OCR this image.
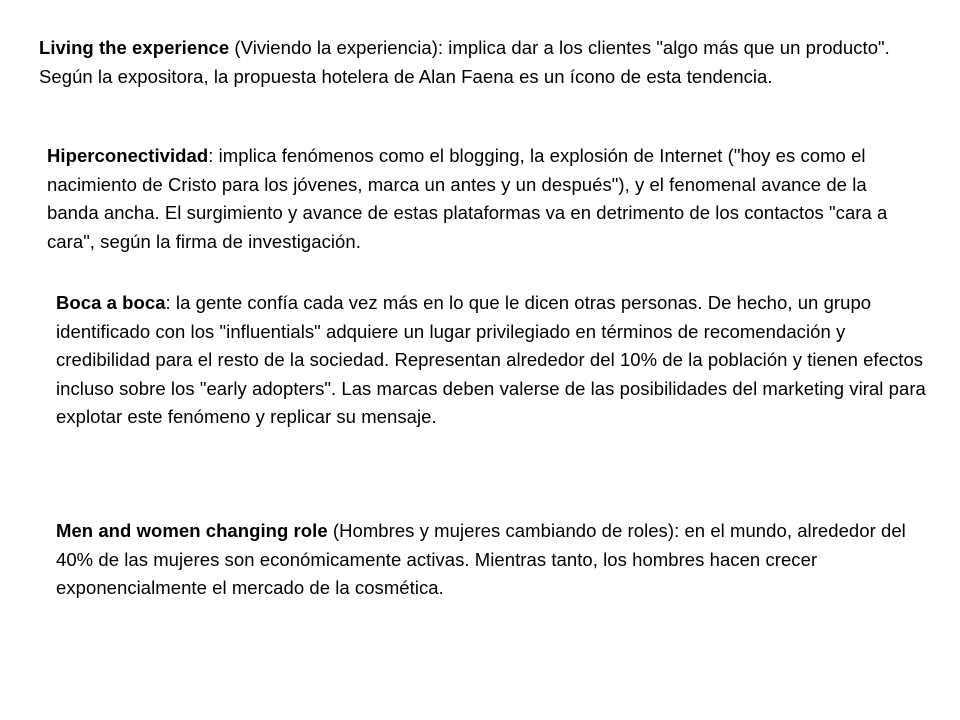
Living the experience (Viviendo la experiencia): implica dar a los clientes "algo más que un producto". Según la expositora, la propuesta hotelera de Alan Faena es un ícono de esta tendencia.

Hiperconectividad: implica fenómenos como el blogging, la explosión de Internet ("hoy es como el nacimiento de Cristo para los jóvenes, marca un antes y un después"), y el fenomenal avance de la banda ancha. El surgimiento y avance de estas plataformas va en detrimento de los contactos "cara a cara", según la firma de investigación.

Boca a boca: la gente confía cada vez más en lo que le dicen otras personas. De hecho, un grupo identificado con los "influentials" adquiere un lugar privilegiado en términos de recomendación y credibilidad para el resto de la sociedad. Representan alrededor del 10% de la población y tienen efectos incluso sobre los "early adopters". Las marcas deben valerse de las posibilidades del marketing viral para explotar este fenómeno y replicar su mensaje.

Men and women changing role (Hombres y mujeres cambiando de roles): en el mundo, alrededor del 40% de las mujeres son económicamente activas. Mientras tanto, los hombres hacen crecer exponencialmente el mercado de la cosmética.
